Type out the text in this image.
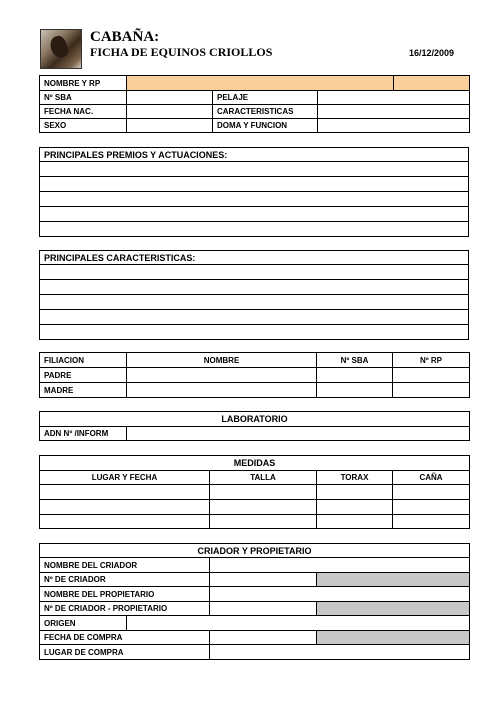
CABAÑA:
FICHA DE EQUINOS CRIOLLOS	16/12/2009
NOMBRE Y RP				
Nº SBA		PELAJE		
FECHA NAC.		CARACTERISTICAS		
SEXO		DOMA Y FUNCION		
PRINCIPALES PREMIOS Y ACTUACIONES:

PRINCIPALES CARACTERISTICAS:

FILIACION	NOMBRE	Nº SBA	Nº RP
PADRE			
MADRE			
LABORATORIO
ADN Nº /INFORM	
MEDIDAS			
LUGAR Y FECHA	TALLA	TORAX	CAÑA

CRIADOR Y PROPIETARIO			
NOMBRE DEL CRIADOR			
Nº DE CRIADOR			
NOMBRE DEL PROPIETARIO			
Nº DE CRIADOR - PROPIETARIO			
ORIGEN			
FECHA DE COMPRA			
LUGAR DE COMPRA			
